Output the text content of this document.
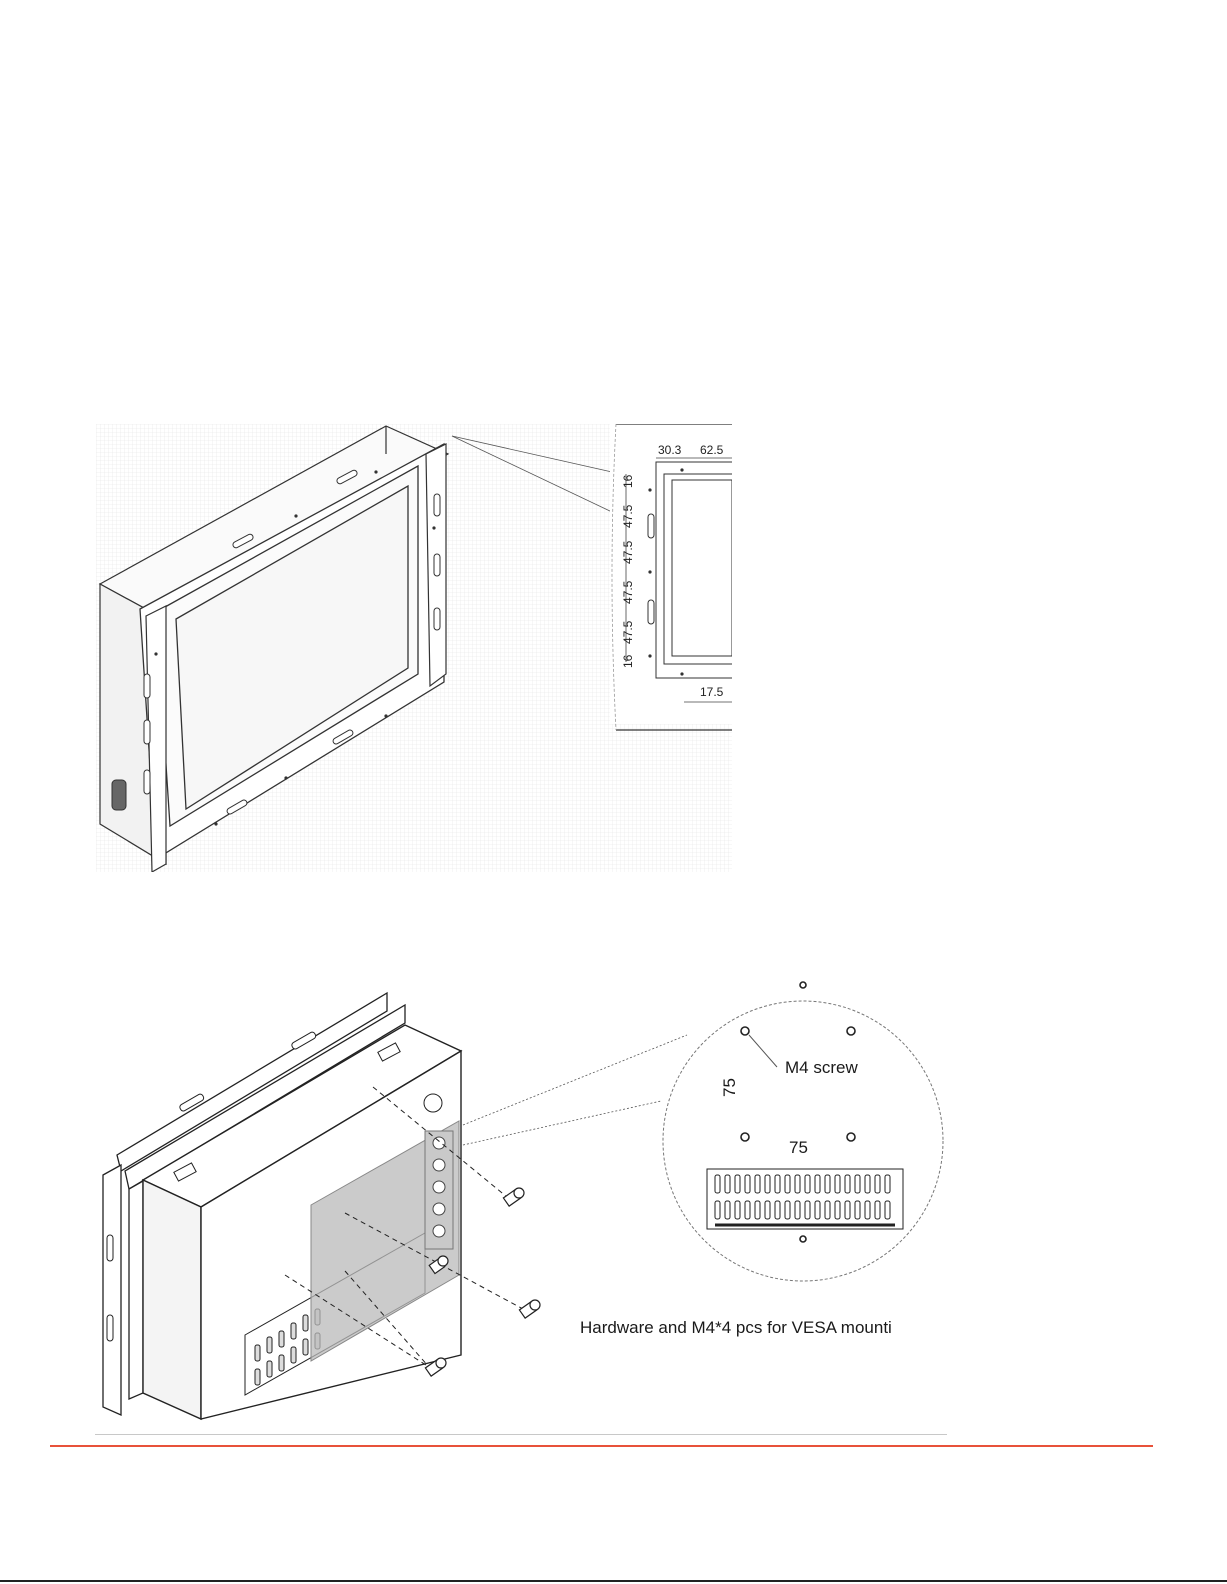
30.3 62.5
16
47.5
47.5
47.5
47.5
16
17.5
M4 screw
75
75
Hardware and M4*4 pcs for VESA mounti
